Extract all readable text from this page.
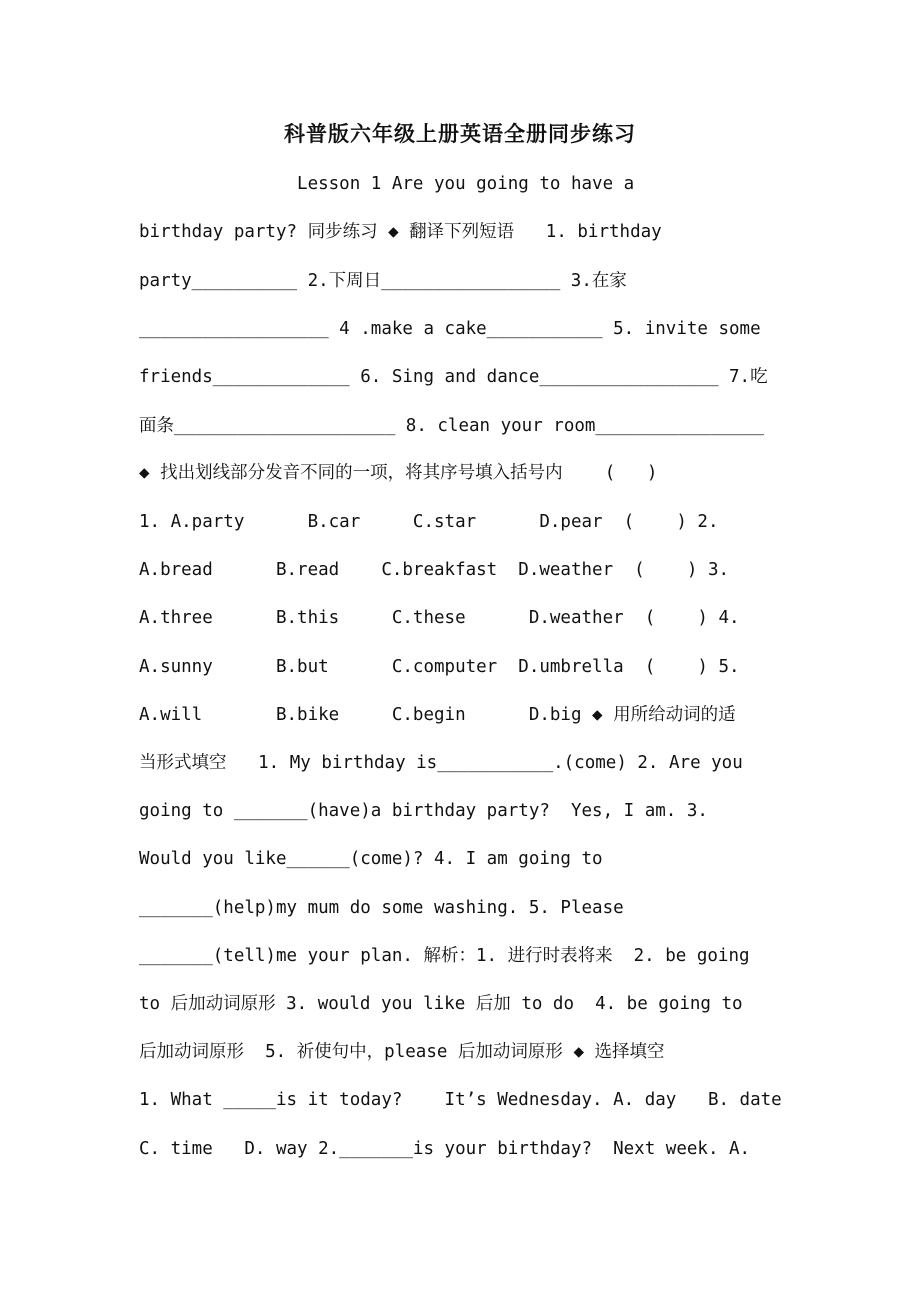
科普版六年级上册英语全册同步练习
Lesson 1 Are you going to have a
birthday party? 同步练习 ◆ 翻译下列短语   1. birthday
party__________ 2.下周日_________________ 3.在家
__________________ 4 .make a cake___________ 5. invite some
friends_____________ 6. Sing and dance_________________ 7.吃
面条_____________________ 8. clean your room________________
◆ 找出划线部分发音不同的一项，将其序号填入括号内    (   )
1. A.party      B.car     C.star      D.pear  (    ) 2.
A.bread      B.read    C.breakfast  D.weather  (    ) 3.
A.three      B.this     C.these      D.weather  (    ) 4.
A.sunny      B.but      C.computer  D.umbrella  (    ) 5.
A.will       B.bike     C.begin      D.big ◆ 用所给动词的适
当形式填空   1. My birthday is___________.(come) 2. Are you
going to _______(have)a birthday party?  Yes, I am. 3.
Would you like______(come)? 4. I am going to
_______(help)my mum do some washing. 5. Please
_______(tell)me your plan. 解析：1. 进行时表将来  2. be going
to 后加动词原形 3. would you like 后加 to do  4. be going to
后加动词原形  5. 祈使句中，please 后加动词原形 ◆ 选择填空
1. What _____is it today?    It’s Wednesday. A. day   B. date
C. time   D. way 2._______is your birthday?  Next week. A.
